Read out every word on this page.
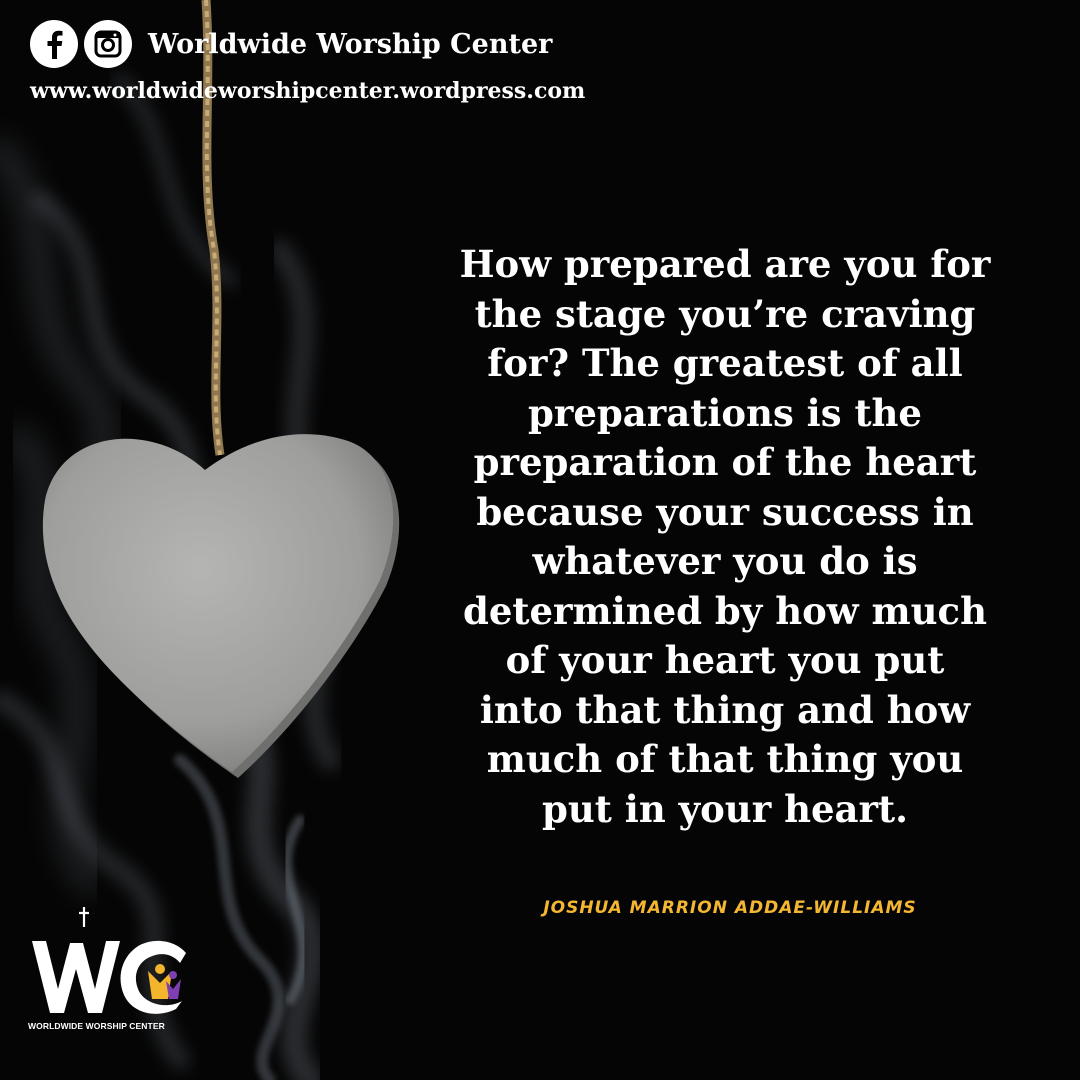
Worldwide Worship Center
www.worldwideworshipcenter.wordpress.com
How prepared are you for
the stage you’re craving
for? The greatest of all
preparations is the
preparation of the heart
because your success in
whatever you do is
determined by how much
of your heart you put
into that thing and how
much of that thing you
put in your heart.
JOSHUA MARRION ADDAE-WILLIAMS
WORLDWIDE WORSHIP CENTER
